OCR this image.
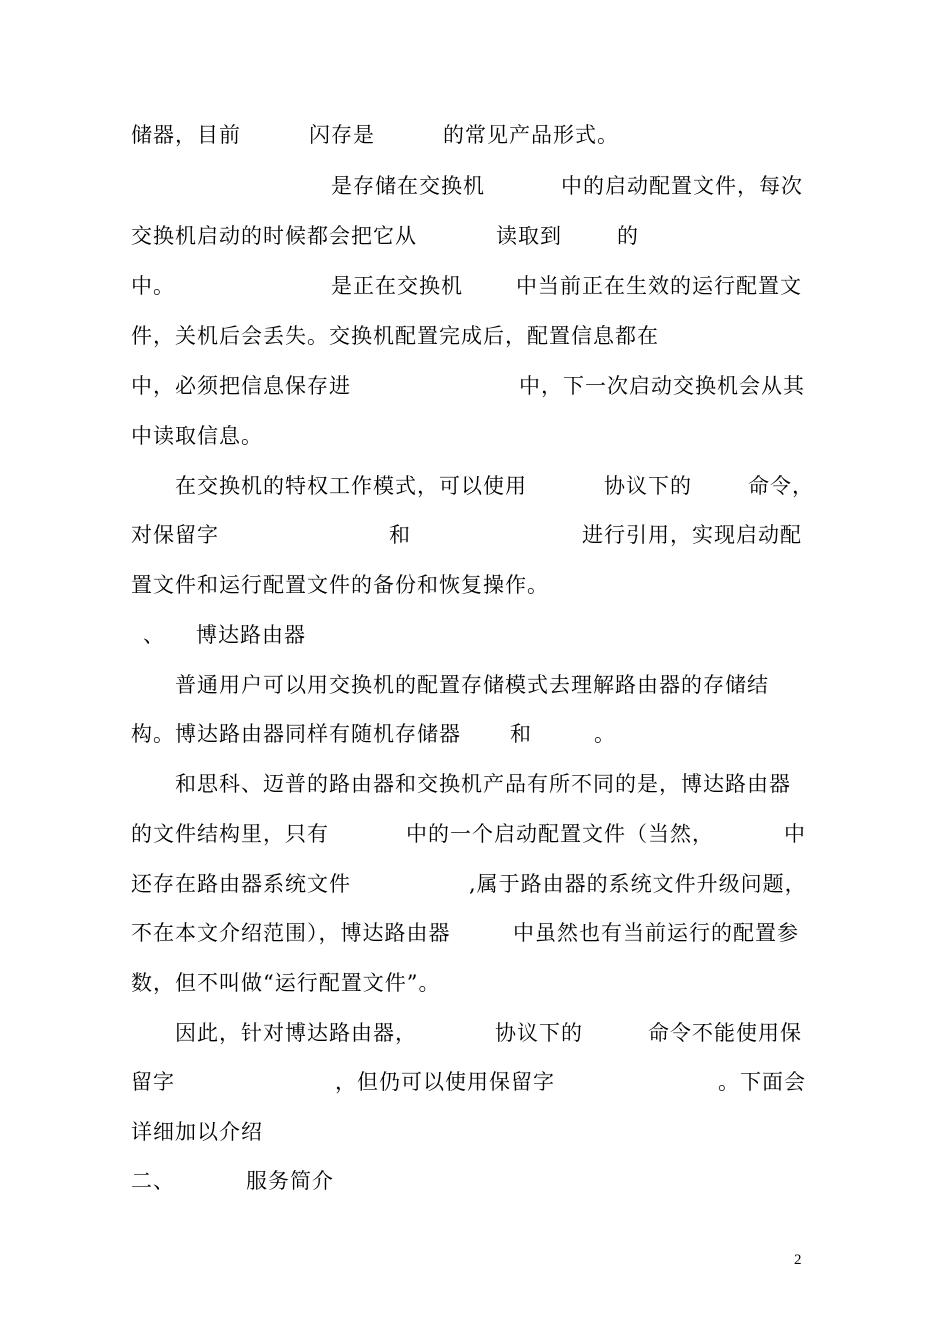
储器，目前	闪存是	的常见产品形式。
是存储在交换机	中的启动配置文件，每次
交换机启动的时候都会把它从	读取到	的
中。	是正在交换机	中当前正在生效的运行配置文
件，关机后会丢失。交换机配置完成后，配置信息都在
中，必须把信息保存进	中，下一次启动交换机会从其
中读取信息。
在交换机的特权工作模式，可以使用	协议下的	命令，
对保留字	和	进行引用，实现启动配
置文件和运行配置文件的备份和恢复操作。
、 博达路由器
普通用户可以用交换机的配置存储模式去理解路由器的存储结
构。博达路由器同样有随机存储器 和	。
和思科、迈普的路由器和交换机产品有所不同的是，博达路由器
的文件结构里，只有	中的一个启动配置文件（当然，	中
还存在路由器系统文件	,属于路由器的系统文件升级问题，
不在本文介绍范围），博达路由器	中虽然也有当前运行的配置参
数，但不叫做“运行配置文件”。
因此，针对博达路由器，	协议下的	命令不能使用保
留字	，但仍可以使用保留字	。下面会
详细加以介绍
二、	服务简介
2
